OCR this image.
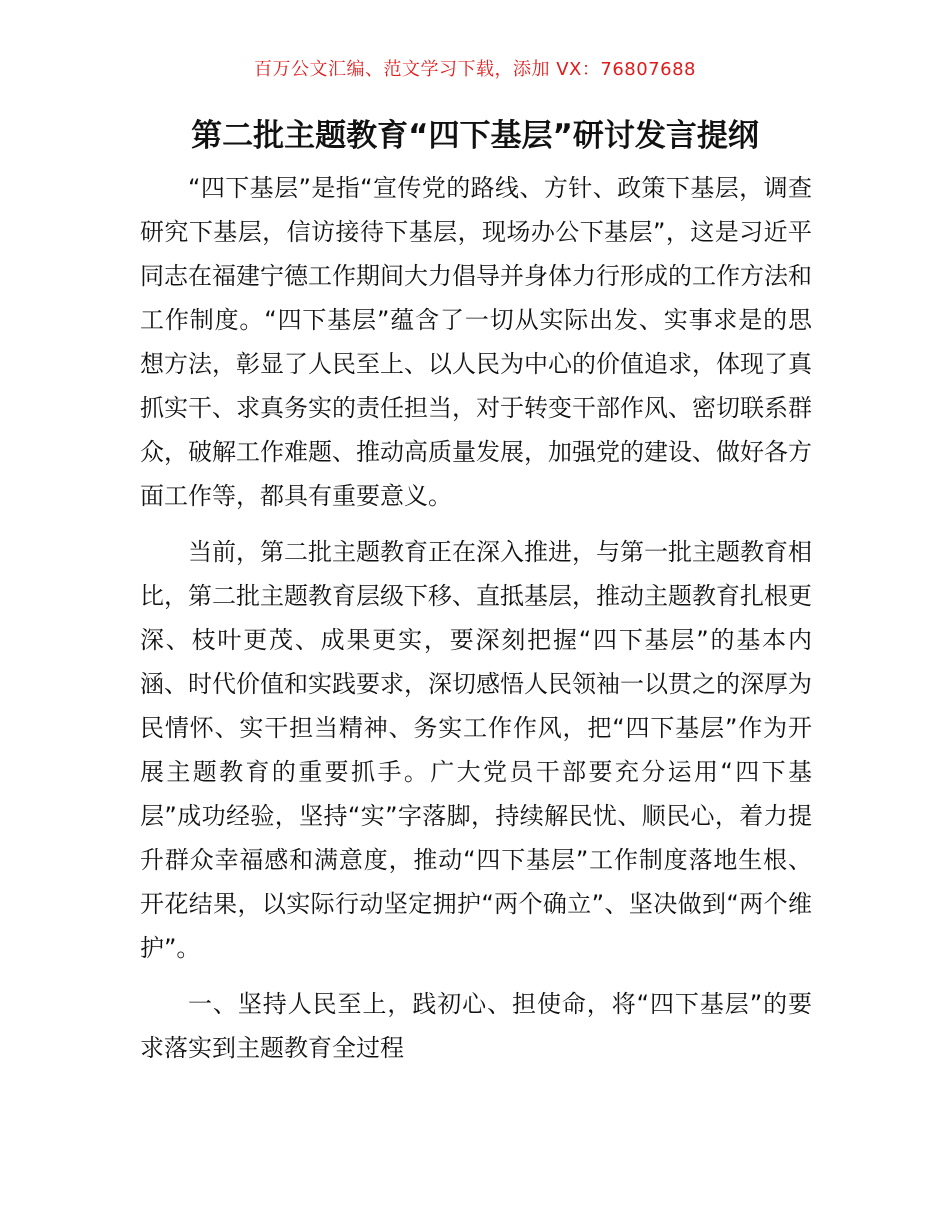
百万公文汇编、范文学习下载，添加 VX：76807688
第二批主题教育“四下基层”研讨发言提纲

“四下基层”是指“宣传党的路线、方针、政策下基层，调查研究下基层，信访接待下基层，现场办公下基层”，这是习近平同志在福建宁德工作期间大力倡导并身体力行形成的工作方法和工作制度。“四下基层”蕴含了一切从实际出发、实事求是的思想方法，彰显了人民至上、以人民为中心的价值追求，体现了真抓实干、求真务实的责任担当，对于转变干部作风、密切联系群众，破解工作难题、推动高质量发展，加强党的建设、做好各方面工作等，都具有重要意义。

当前，第二批主题教育正在深入推进，与第一批主题教育相比，第二批主题教育层级下移、直抵基层，推动主题教育扎根更深、枝叶更茂、成果更实，要深刻把握“四下基层”的基本内涵、时代价值和实践要求，深切感悟人民领袖一以贯之的深厚为民情怀、实干担当精神、务实工作作风，把“四下基层”作为开展主题教育的重要抓手。广大党员干部要充分运用“四下基层”成功经验，坚持“实”字落脚，持续解民忧、顺民心，着力提升群众幸福感和满意度，推动“四下基层”工作制度落地生根、开花结果，以实际行动坚定拥护“两个确立”、坚决做到“两个维护”。

一、坚持人民至上，践初心、担使命，将“四下基层”的要求落实到主题教育全过程
